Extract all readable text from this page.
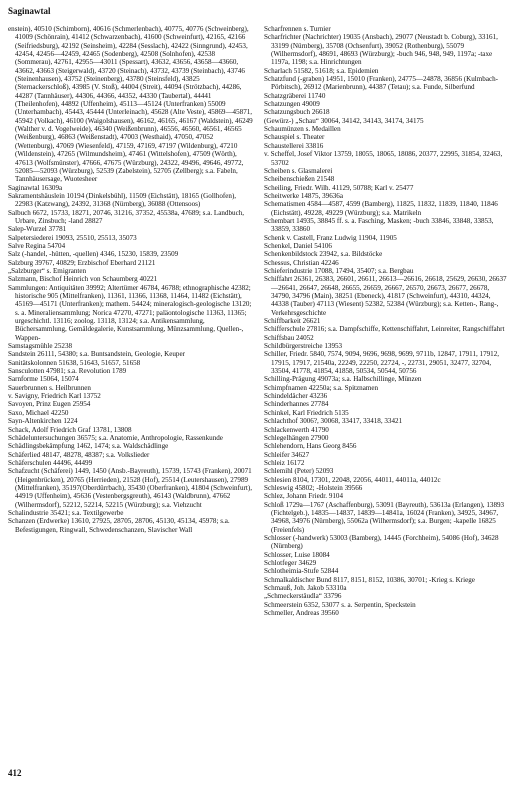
Saginawtal

enstein), 40510 (Schimborn), 40616 (Schmerlenbach), 40775, 40776 (Schweinberg), 41009 (Schönrain), 41412 (Schwarzenbach), 41600 (Schweinfurt), 42165, 42166 (Seifriedsburg), 42192 (Seinsheim), 42284 (Sesslach), 42422 (Sinngrund), 42453, 42454, 42456—42459, 42465 (Sodenberg), 42508 (Solnhofen), 42538 (Sommerau), 42761, 42955—43011 (Spessart), 43632, 43656, 43658—43660, 43662, 43663 (Steigerwald), 43720 (Steinach), 43732, 43739 (Steinbach), 43746 (Steinenhausen), 43752 (Steinenberg), 43780 (Steinsfeld), 43825 (Sternackerschloß), 43985 (V. Stoß), 44004 (Streit), 44094 (Strötzbach), 44286, 44287 (Tannhäuser), 44306, 44366, 44352, 44330 (Taubertal), 44441 (Theilenhofen), 44892 (Uffenheim), 45113—45124 (Unterfranken) 55009 (Unterhambach), 45443, 45444 (Unterleinach), 45628 (Alte Veste), 45869—45871, 45942 (Volkach), 46100 (Waigolshausen), 46162, 46165, 46167 (Waldstein), 46249 (Walther v. d. Vogelweide), 46340 (Weißenbrunn), 46556, 46560, 46561, 46565 (Weißenburg), 46863 (Weißenstadt), 47003 (Westhaid), 47050, 47052 (Wettenburg), 47069 (Wiesenfeld), 47159, 47169, 47197 (Wildenburg), 47210 (Wildenstein), 47265 (Wilmundsheim), 47461 (Wittelshofen), 47509 (Wörth), 47613 (Wolfsmünster), 47666, 47675 (Würzburg), 24322, 49496, 49646, 49772, 52085—52093 (Würzburg), 52539 (Zabelstein), 52705 (Zellberg); s.a. Fabeln, Tannhäusersage, Wuotesheer

Saginawtal 16309a

Sakramentshäuslein 10194 (Dinkelsbühl), 11509 (Eichstätt), 18165 (Gollhofen), 22983 (Katzwang), 24392, 31368 (Nürnberg), 36088 (Ottensoos)

Salbuch 6672, 15733, 18271, 20746, 31216, 37352, 45538a, 47689; s.a. Landbuch, Urbare, Zinsbuch; -land 28827

Salep-Wurzel 37781

Salpetersiederei 19093, 25510, 25513, 35073

Salve Regina 54704

Salz (-handel, -hütten, -quellen) 4346, 15230, 15839, 23509

Salzburg 39767, 40829; Erzbischof Eberhard 21121

„Salzburger“ s. Emigranten

Salzmann, Bischof Heinrich von Schaumberg 40221

Sammlungen: Antiquitäten 39992; Altertümer 46784, 46788; ethnographische 42382; historische 905 (Mittelfranken), 11361, 11366, 11368, 11464, 11482 (Eichstätt), 45169—45171 (Unterfranken); mathem. 54424; mineralogisch-geologische 13120; s. a. Mineraliensammlung; Norica 47270, 47271; paläontologische 11363, 11365; urgeschichtl. 13116; zoolog. 13118, 13124; s.a. Antikensammlung, Büchersammlung, Gemäldegalerie, Kunstsammlung, Münzsammlung, Quellen-, Wappen-

Samstagsmühle 25238

Sandstein 26111, 54380; s.a. Buntsandstein, Geologie, Keuper

Sanitätskolonnen 51638, 51643, 51657, 51658

Sansculotten 47981; s.a. Revolution 1789

Sarnforme 15064, 15074

Sauerbrunnen s. Heilbrunnen

v. Savigny, Friedrich Karl 13752

Savoyen, Prinz Eugen 25954

Saxo, Michael 42250

Sayn-Altenkirchen 1224

Schack, Adolf Friedrich Graf 13781, 13808

Schädeluntersuchungen 36575; s.a. Anatomie, Anthropologie, Rassenkunde

Schädlingsbekämpfung 1462, 1474; s.a. Waldschädlinge

Schäferlied 48147, 48278, 48387; s.a. Volkslieder

Schäferschulen 44496, 44499

Schafzucht (Schäferei) 1449, 1450 (Ansb.-Bayreuth), 15739, 15743 (Franken), 20071 (Heigenbrücken), 20765 (Herrieden), 21528 (Hof), 25514 (Leutershausen), 27989 (Mittelfranken), 35197(Oberdürrbach), 35430 (Oberfranken), 41804 (Schweinfurt), 44919 (Uffenheim), 45636 (Vestenbergsgreuth), 46143 (Waldbrunn), 47662 (Wilhermsdorf), 52212, 52214, 52215 (Würzburg); s.a. Viehzucht

Schalindustrie 35421; s.a. Textilgewerbe

Schanzen (Erdwerke) 13610, 27925, 28705, 28706, 45130, 45134, 45978; s.a. Befestigungen, Ringwall, Schwedenschanzen, Slavischer Wall

Scharfrennen s. Turnier

Scharfrichter (Nachrichter) 19035 (Ansbach), 29077 (Neustadt b. Coburg), 33161, 33199 (Nürnberg), 35708 (Ochsenfurt), 39052 (Rothenburg), 55079 (Wilhermsdorf), 48691, 48693 (Würzburg); -buch 946, 948, 949, 1197a; -taxe 1197a, 1198; s.a. Hinrichtungen

Scharlach 51582, 51618; s.a. Epidemien

Schatzfund (-graben) 14951, 15010 (Franken), 24775—24878, 36856 (Kulmbach-Pörbitsch), 26912 (Marienbrunn), 44387 (Tetau); s.a. Funde, Silberfund

Schatzgräberei 11740

Schatzungen 49009

Schatzungsbuch 26618

(Gewürz-) „Schau“ 30064, 34142, 34143, 34174, 34175

Schaumünzen s. Medaillen

Schauspiel s. Theater

Schaustellerei 33816

v. Scheffel, Josef Viktor 13759, 18055, 18065, 18086, 20377, 22995, 31854, 32463, 53702

Scheiben s. Glasmalerei

Scheibenschießen 21548

Scheiling, Friedr. Wilh. 41129, 50788; Karl v. 25477

Scheitwerke 14875, 39636a

Schematismen 4584—4587, 4599 (Bamberg), 11825, 11832, 11839, 11840, 11846 (Eichstätt), 49228, 49229 (Würzburg); s.a. Matrikeln

Schembart 14935, 38845 ff. s. a. Fasching, Masken; -buch 33846, 33848, 33853, 33859, 33860

Schenk v. Castell, Franz Ludwig 11904, 11905

Schenkel, Daniel 54106

Schenkenbildstock 23942, s.a. Bildstöcke

Schessus, Christian 42246

Schieferindustrie 17088, 17494, 35407; s.a. Bergbau

Schiffahrt 26361, 26383, 26601, 26611, 26613—26616, 26618, 25629, 26630, 26637—26641, 26647, 26648, 26655, 26659, 26667, 26570, 26673, 26677, 26678, 34790, 34796 (Main), 38251 (Ebeneck), 41817 (Schweinfurt), 44310, 44324, 44338 (Tauber) 47113 (Wiesent) 52382, 52384 (Würzburg); s.a. Ketten-, Rang-, Verkehrsgeschichte

Schiffbarkeit 26621

Schifferschule 27816; s.a. Dampfschiffe, Kettenschiffahrt, Leinreiter, Rangschiffahrt

Schiffsbau 24052

Schildbürgerstreiche 13953

Schiller, Friedr. 5840, 7574, 9094, 9696, 9698, 9699, 9711b, 12847, 17911, 17912, 17915, 17917, 21540a, 22249, 22250, 22724, -, 22731, 29051, 32477, 32704, 33504, 41778, 41854, 41858, 50534, 50544, 50756

Schilling-Prägung 49073a; s.a. Halbschillinge, Münzen

Schimpfnamen 42250a; s.a. Spitznamen

Schindeldächer 43236

Schinderhannes 27784

Schinkel, Karl Friedrich 5135

Schlachthof 3006?, 30068, 33417, 33418, 33421

Schlackenwerth 41790

Schlegelhängen 27900

Schlehendorn, Hans Georg 8456

Schleifer 34627

Schleiz 16172

Schlemihl (Peter) 52093

Schlesien 8104, 17301, 22048, 22056, 44011, 44011a, 44012c

Schleswig 45802; -Holstein 39566

Schlez, Johann Friedr. 9104

Schloß 1729a—1767 (Aschaffenburg), 53091 (Bayreuth), 53613a (Erlangen), 13893 (Fichtelgeb.), 14835—14837, 14839—14841a, 16024 (Franken), 34925, 34967, 34968, 34976 (Nürnberg), 55062a (Wilhermsdorf); s.a. Burgen; -kapelle 16825 (Freienfels)

Schlosser (-handwerk) 53003 (Bamberg), 14445 (Forchheim), 54086 (Hof), 34628 (Nürnberg)

Schlosser, Luise 18084

Schlotfeger 34629

Schlotheimia-Stufe 52844

Schmalkaldischer Bund 8117, 8151, 8152, 10386, 30701; -Krieg s. Kriege

Schmauß, Joh. Jakob 53310a

„Schmeckerstäudla“ 33796

Schmeerstein 6352, 53077 s. a. Serpentin, Speckstein

Schmeller, Andreas 39560

412
